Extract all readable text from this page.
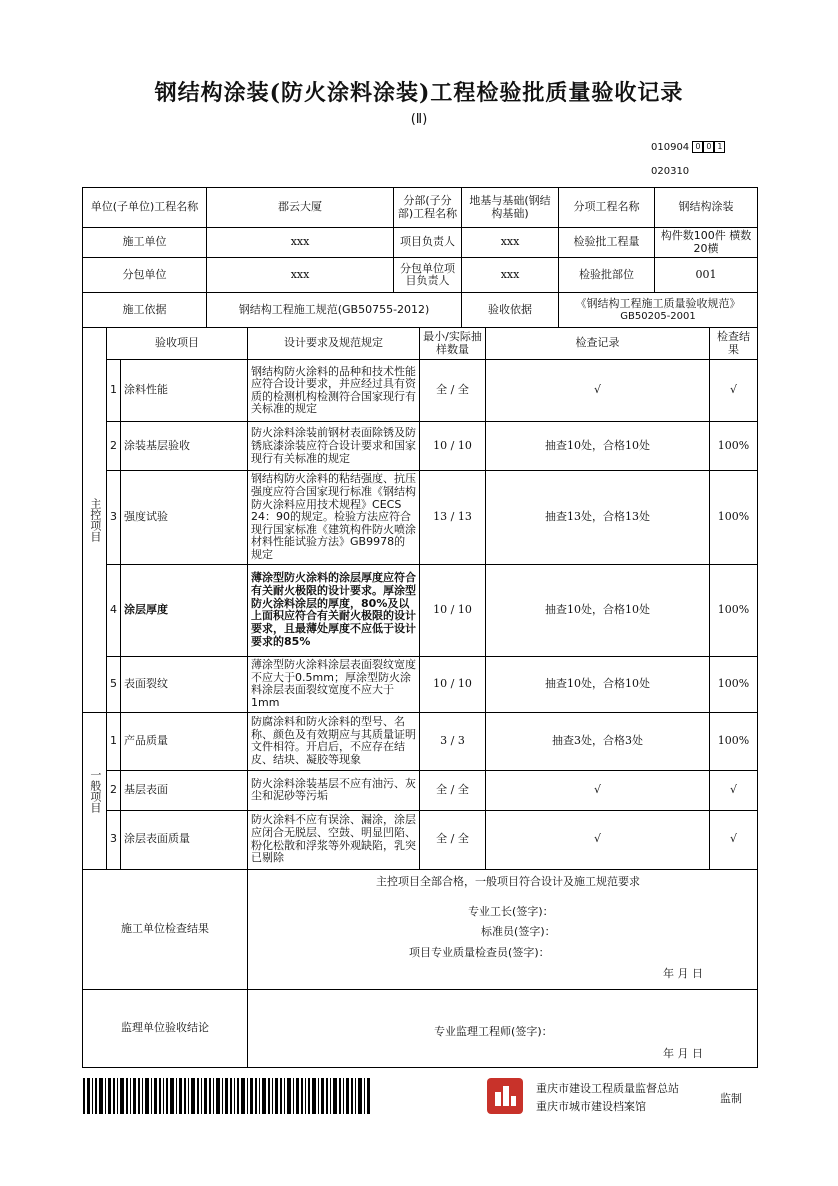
钢结构涂装(防火涂料涂装)工程检验批质量验收记录
(Ⅱ)
010904 0 0 1
020310
单位(子单位)工程名称			郡云大厦		分部(子分部)工程名称		地基与基础(钢结构基础)		分项工程名称	钢结构涂装	
施工单位			xxx		项目负责人		xxx		检验批工程量	构件数100件 横数20横	
分包单位			xxx		分包单位项目负责人		xxx		检验批部位	001	
施工依据			钢结构工程施工规范(GB50755-2012)				验收依据		《钢结构工程施工质量验收规范》
GB50205-2001		

主控项目	验收项目			设计要求及规范规定		最小/实际抽样数量		检查记录			检查结果
	1	涂料性能		钢结构防火涂料的品种和技术性能应符合设计要求，并应经过具有资质的检测机构检测符合国家现行有关标准的规定		全 / 全		√			√
	2	涂装基层验收		防火涂料涂装前钢材表面除锈及防锈底漆涂装应符合设计要求和国家现行有关标准的规定		10 / 10		抽查10处，合格10处			100%
	3	强度试验		钢结构防火涂料的粘结强度、抗压强度应符合国家现行标准《钢结构防火涂料应用技术规程》CECS 24：90的规定。检验方法应符合现行国家标准《建筑构件防火喷涂材料性能试验方法》GB9978的规定		13 / 13		抽查13处，合格13处			100%
	4	涂层厚度		薄涂型防火涂料的涂层厚度应符合有关耐火极限的设计要求。厚涂型防火涂料涂层的厚度，80%及以上面积应符合有关耐火极限的设计要求，且最薄处厚度不应低于设计要求的85%		10 / 10		抽查10处，合格10处			100%
	5	表面裂纹		薄涂型防火涂料涂层表面裂纹宽度不应大于0.5mm；厚涂型防火涂料涂层表面裂纹宽度不应大于1mm		10 / 10		抽查10处，合格10处			100%

一般项目	1	产品质量		防腐涂料和防火涂料的型号、名称、颜色及有效期应与其质量证明文件相符。开启后，不应存在结皮、结块、凝胶等现象		3 / 3		抽查3处，合格3处			100%
	2	基层表面		防火涂料涂装基层不应有油污、灰尘和泥砂等污垢		全 / 全		√			√
	3	涂层表面质量		防火涂料不应有误涂、漏涂，涂层应闭合无脱层、空鼓、明显凹陷、粉化松散和浮浆等外观缺陷，乳突已剔除		全 / 全		√			√
施工单位检查结果				主控项目全部合格，一般项目符合设计及施工规范要求
专业工长(签字)：
标准员(签字)：
项目专业质量检查员(签字)：
年 月 日							

监理单位验收结论				专业监理工程师(签字)：
年 月 日							
重庆市建设工程质量监督总站
重庆市城市建设档案馆
监制
